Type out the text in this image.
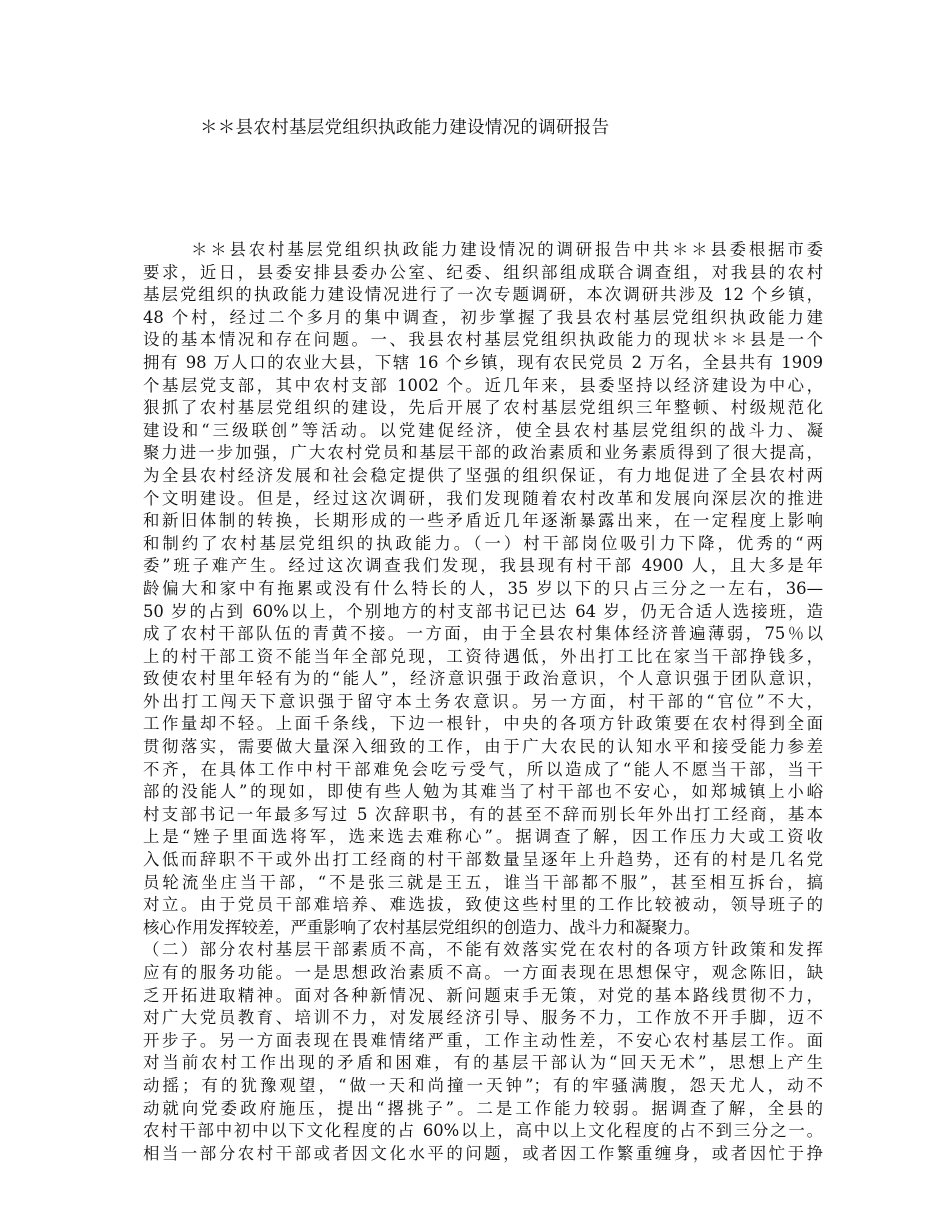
＊＊县农村基层党组织执政能力建设情况的调研报告
＊＊县农村基层党组织执政能力建设情况的调研报告中共＊＊县委根据市委
要求，近日，县委安排县委办公室、纪委、组织部组成联合调查组，对我县的农村
基层党组织的执政能力建设情况进行了一次专题调研，本次调研共涉及 12 个乡镇，
48 个村，经过二个多月的集中调查，初步掌握了我县农村基层党组织执政能力建
设的基本情况和存在问题。一、我县农村基层党组织执政能力的现状＊＊县是一个
拥有 98 万人口的农业大县，下辖 16 个乡镇，现有农民党员 2 万名，全县共有 1909
个基层党支部，其中农村支部 1002 个。近几年来，县委坚持以经济建设为中心，
狠抓了农村基层党组织的建设，先后开展了农村基层党组织三年整顿、村级规范化
建设和“三级联创”等活动。以党建促经济，使全县农村基层党组织的战斗力、凝
聚力进一步加强，广大农村党员和基层干部的政治素质和业务素质得到了很大提高，
为全县农村经济发展和社会稳定提供了坚强的组织保证，有力地促进了全县农村两
个文明建设。但是，经过这次调研，我们发现随着农村改革和发展向深层次的推进
和新旧体制的转换，长期形成的一些矛盾近几年逐渐暴露出来，在一定程度上影响
和制约了农村基层党组织的执政能力。（一）村干部岗位吸引力下降，优秀的“两
委”班子难产生。经过这次调查我们发现，我县现有村干部 4900 人，且大多是年
龄偏大和家中有拖累或没有什么特长的人，35 岁以下的只占三分之一左右，36—
50 岁的占到 60%以上，个别地方的村支部书记已达 64 岁，仍无合适人选接班，造
成了农村干部队伍的青黄不接。一方面，由于全县农村集体经济普遍薄弱，75％以
上的村干部工资不能当年全部兑现，工资待遇低，外出打工比在家当干部挣钱多，
致使农村里年轻有为的“能人”，经济意识强于政治意识，个人意识强于团队意识，
外出打工闯天下意识强于留守本土务农意识。另一方面，村干部的“官位”不大，
工作量却不轻。上面千条线，下边一根针，中央的各项方针政策要在农村得到全面
贯彻落实，需要做大量深入细致的工作，由于广大农民的认知水平和接受能力参差
不齐，在具体工作中村干部难免会吃亏受气，所以造成了“能人不愿当干部，当干
部的没能人”的现如，即使有些人勉为其难当了村干部也不安心，如郑城镇上小峪
村支部书记一年最多写过 5 次辞职书，有的甚至不辞而别长年外出打工经商，基本
上是“矬子里面选将军，选来选去难称心”。据调查了解，因工作压力大或工资收
入低而辞职不干或外出打工经商的村干部数量呈逐年上升趋势，还有的村是几名党
员轮流坐庄当干部，“不是张三就是王五，谁当干部都不服”，甚至相互拆台，搞
对立。由于党员干部难培养、难选拔，致使这些村里的工作比较被动，领导班子的
核心作用发挥较差，严重影响了农村基层党组织的创造力、战斗力和凝聚力。
（二）部分农村基层干部素质不高，不能有效落实党在农村的各项方针政策和发挥
应有的服务功能。一是思想政治素质不高。一方面表现在思想保守，观念陈旧，缺
乏开拓进取精神。面对各种新情况、新问题束手无策，对党的基本路线贯彻不力，
对广大党员教育、培训不力，对发展经济引导、服务不力，工作放不开手脚，迈不
开步子。另一方面表现在畏难情绪严重，工作主动性差，不安心农村基层工作。面
对当前农村工作出现的矛盾和困难，有的基层干部认为“回天无术”，思想上产生
动摇；有的犹豫观望，“做一天和尚撞一天钟”；有的牢骚满腹，怨天尤人，动不
动就向党委政府施压，提出“撂挑子”。二是工作能力较弱。据调查了解，全县的
农村干部中初中以下文化程度的占 60%以上，高中以上文化程度的占不到三分之一。
相当一部分农村干部或者因文化水平的问题，或者因工作繁重缠身，或者因忙于挣
